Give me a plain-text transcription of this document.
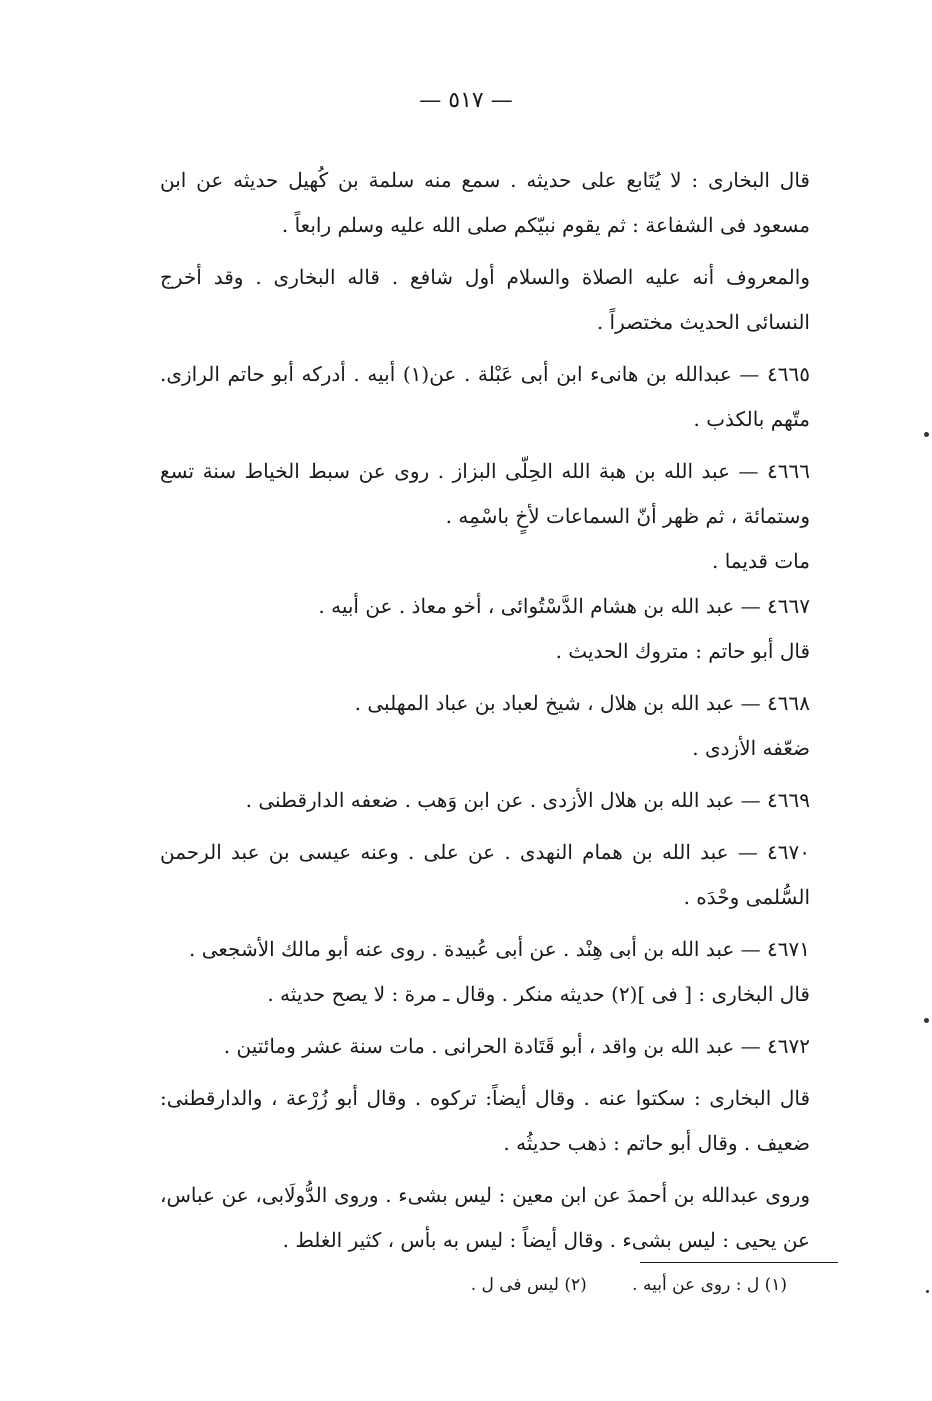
— ٥١٧ —

قال البخارى : لا يُتَابع على حديثه . سمع منه سلمة بن كُهيل حديثه عن ابن مسعود فى الشفاعة : ثم يقوم نبيّكم صلى الله عليه وسلم رابعاً .

والمعروف أنه عليه الصلاة والسلام أول شافع . قاله البخارى . وقد أخرج النسائى الحديث مختصراً .

٤٦٦٥ — عبدالله بن هانىء ابن أبى عَبْلة . عن(١) أبيه . أدركه أبو حاتم الرازى. متّهم بالكذب .

٤٦٦٦ — عبد الله بن هبة الله الحِلّى البزاز . روى عن سبط الخياط سنة تسع وستمائة ، ثم ظهر أنّ السماعات لأخٍ باسْمِه .

مات قديما .

٤٦٦٧ — عبد الله بن هشام الدَّسْتُوائى ، أخو معاذ . عن أبيه .

قال أبو حاتم : متروك الحديث .

٤٦٦٨ — عبد الله بن هلال ، شيخ لعباد بن عباد المهلبى .

ضعّفه الأزدى .

٤٦٦٩ — عبد الله بن هلال الأزدى . عن ابن وَهب . ضعفه الدارقطنى .

٤٦٧٠ — عبد الله بن همام النهدى . عن على . وعنه عيسى بن عبد الرحمن السُّلمى وحْدَه .

٤٦٧١ — عبد الله بن أبى هِنْد . عن أبى عُبيدة . روى عنه أبو مالك الأشجعى .

قال البخارى : [ فى ](٢) حديثه منكر . وقال ـ مرة : لا يصح حديثه .

٤٦٧٢ — عبد الله بن واقد ، أبو قَتَادة الحرانى . مات سنة عشر ومائتين .

قال البخارى : سكتوا عنه . وقال أيضاً: تركوه . وقال أبو زُرْعة ، والدارقطنى: ضعيف . وقال أبو حاتم : ذهب حديثُه .

وروى عبدالله بن أحمدَ عن ابن معين : ليس بشىء . وروى الدُّولَابى، عن عباس، عن يحيى : ليس بشىء . وقال أيضاً : ليس به بأس ، كثير الغلط .

(١) ل : روى عن أبيه . (٢) ليس فى ل .
